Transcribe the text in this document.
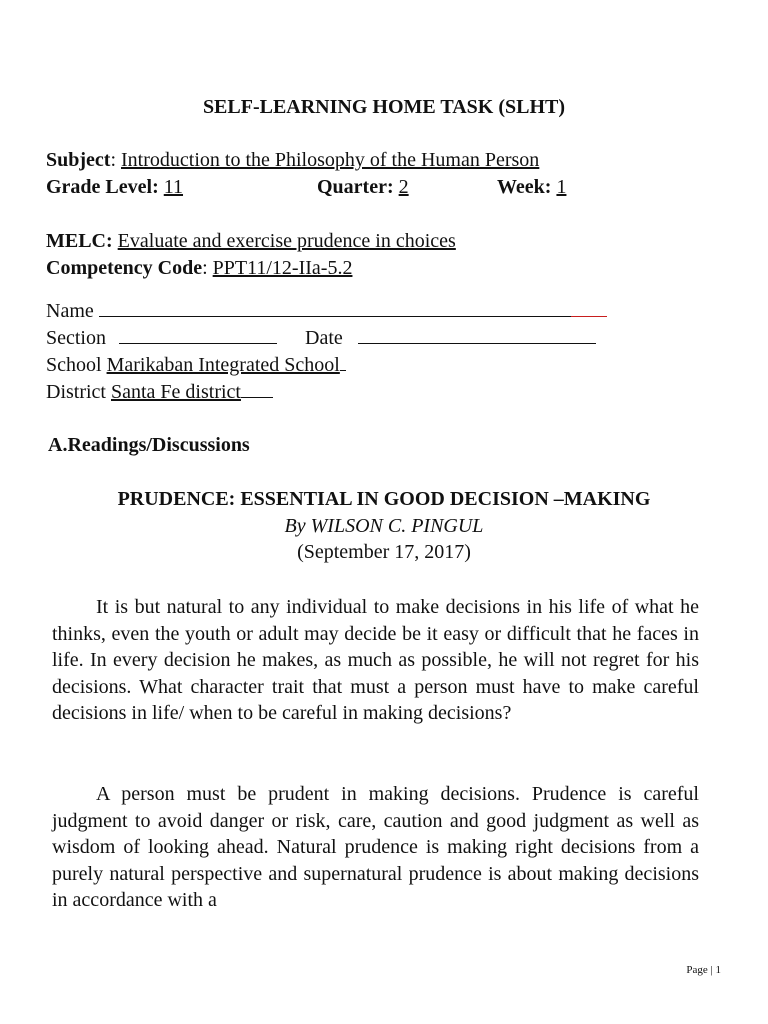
SELF-LEARNING HOME TASK (SLHT)
Subject: Introduction to the Philosophy of the Human Person
Grade Level: 11	Quarter: 2	Week: 1
MELC: Evaluate and exercise prudence in choices
Competency Code: PPT11/12-IIa-5.2
Name
Section	Date
School Marikaban Integrated School
District Santa Fe district
A.Readings/Discussions
PRUDENCE: ESSENTIAL IN GOOD DECISION –MAKING
By WILSON C. PINGUL
(September 17, 2017)
It is but natural to any individual to make decisions in his life of what he thinks, even the youth or adult may decide be it easy or difficult that he faces in life. In every decision he makes, as much as possible, he will not regret for his decisions. What character trait that must a person must have to make careful decisions in life/ when to be careful in making decisions?
A person must be prudent in making decisions. Prudence is careful judgment to avoid danger or risk, care, caution and good judgment as well as wisdom of looking ahead. Natural prudence is making right decisions from a purely natural perspective and supernatural prudence is about making decisions in accordance with a
Page | 1
